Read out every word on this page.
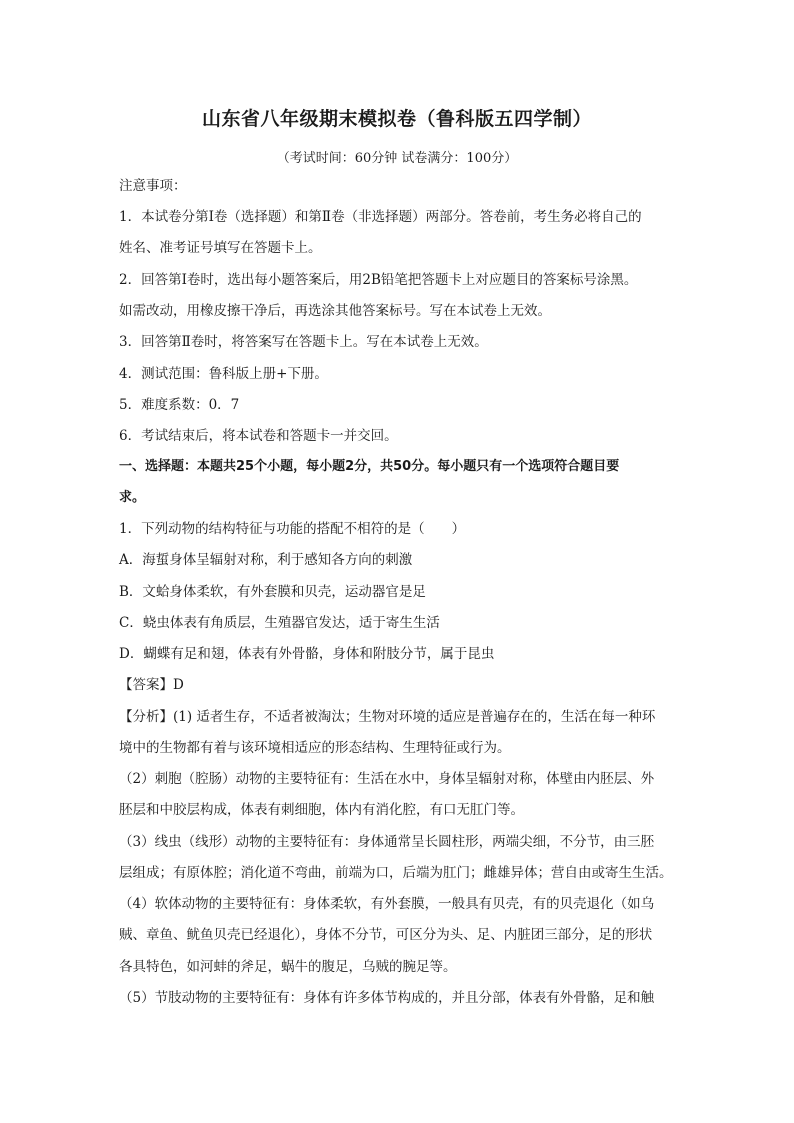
山东省八年级期末模拟卷（鲁科版五四学制）
（考试时间：60分钟 试卷满分：100分）
注意事项：
1．本试卷分第Ⅰ卷（选择题）和第Ⅱ卷（非选择题）两部分。答卷前，考生务必将自己的
姓名、准考证号填写在答题卡上。
2．回答第Ⅰ卷时，选出每小题答案后，用2B铅笔把答题卡上对应题目的答案标号涂黑。
如需改动，用橡皮擦干净后，再选涂其他答案标号。写在本试卷上无效。
3．回答第Ⅱ卷时，将答案写在答题卡上。写在本试卷上无效。
4．测试范围：鲁科版上册+下册。
5．难度系数：0．7
6．考试结束后，将本试卷和答题卡一并交回。
一、选择题：本题共25个小题，每小题2分，共50分。每小题只有一个选项符合题目要
求。
1．下列动物的结构特征与功能的搭配不相符的是（　　）
A．海蜇身体呈辐射对称，利于感知各方向的刺激
B．文蛤身体柔软，有外套膜和贝壳，运动器官是足
C．蛲虫体表有角质层，生殖器官发达，适于寄生生活
D．蝴蝶有足和翅，体表有外骨骼，身体和附肢分节，属于昆虫
【答案】D
【分析】(1) 适者生存，不适者被淘汰；生物对环境的适应是普遍存在的，生活在每一种环
境中的生物都有着与该环境相适应的形态结构、生理特征或行为。
（2）刺胞（腔肠）动物的主要特征有：生活在水中，身体呈辐射对称，体壁由内胚层、外
胚层和中胶层构成，体表有刺细胞，体内有消化腔，有口无肛门等。
（3）线虫（线形）动物的主要特征有：身体通常呈长圆柱形，两端尖细，不分节，由三胚
层组成；有原体腔；消化道不弯曲，前端为口，后端为肛门；雌雄异体；营自由或寄生生活。
（4）软体动物的主要特征有：身体柔软，有外套膜，一般具有贝壳，有的贝壳退化（如乌
贼、章鱼、鱿鱼贝壳已经退化），身体不分节，可区分为头、足、内脏团三部分，足的形状
各具特色，如河蚌的斧足，蜗牛的腹足，乌贼的腕足等。
（5）节肢动物的主要特征有：身体有许多体节构成的，并且分部，体表有外骨骼，足和触
